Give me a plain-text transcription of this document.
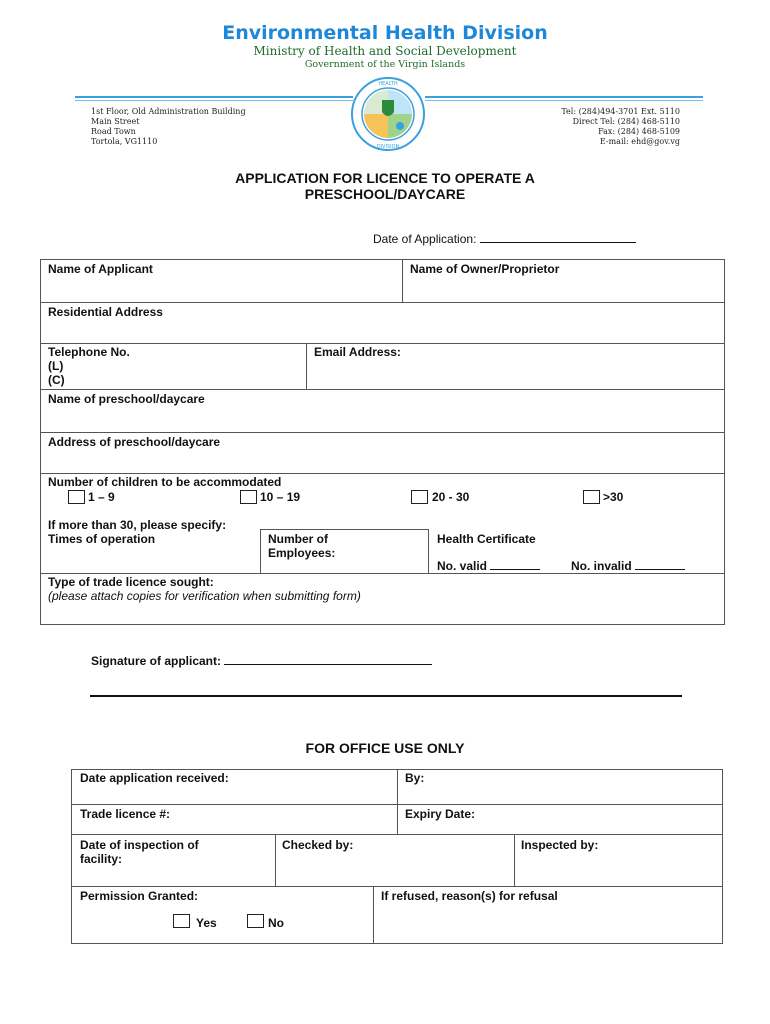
Environmental Health Division
Ministry of Health and Social Development
Government of the Virgin Islands
1st Floor, Old Administration Building
Main Street
Road Town
Tortola, VG1110
Tel: (284)494-3701 Ext. 5110
Direct Tel: (284) 468-5110
Fax: (284) 468-5109
E-mail: ehd@gov.vg
HEALTH
DIVISION
APPLICATION FOR LICENCE TO OPERATE A
PRESCHOOL/DAYCARE
Date of Application:
Name of Applicant	Name of Owner/Proprietor
Residential Address
Telephone No.
(L)
(C)
Email Address:
Name of preschool/daycare
Address of preschool/daycare
Number of children to be accommodated
1 – 9	10 – 19	20 - 30	>30
If more than 30, please specify:
Times of operation	Number of
Employees:
Health Certificate
No. valid	No. invalid
Type of trade licence sought:
(please attach copies for verification when submitting form)
Signature of applicant:
FOR OFFICE USE ONLY
Date application received:	By:
Trade licence #:	Expiry Date:
Date of inspection of
facility:
Checked by:	Inspected by:
Permission Granted:	If refused, reason(s) for refusal
Yes	No
